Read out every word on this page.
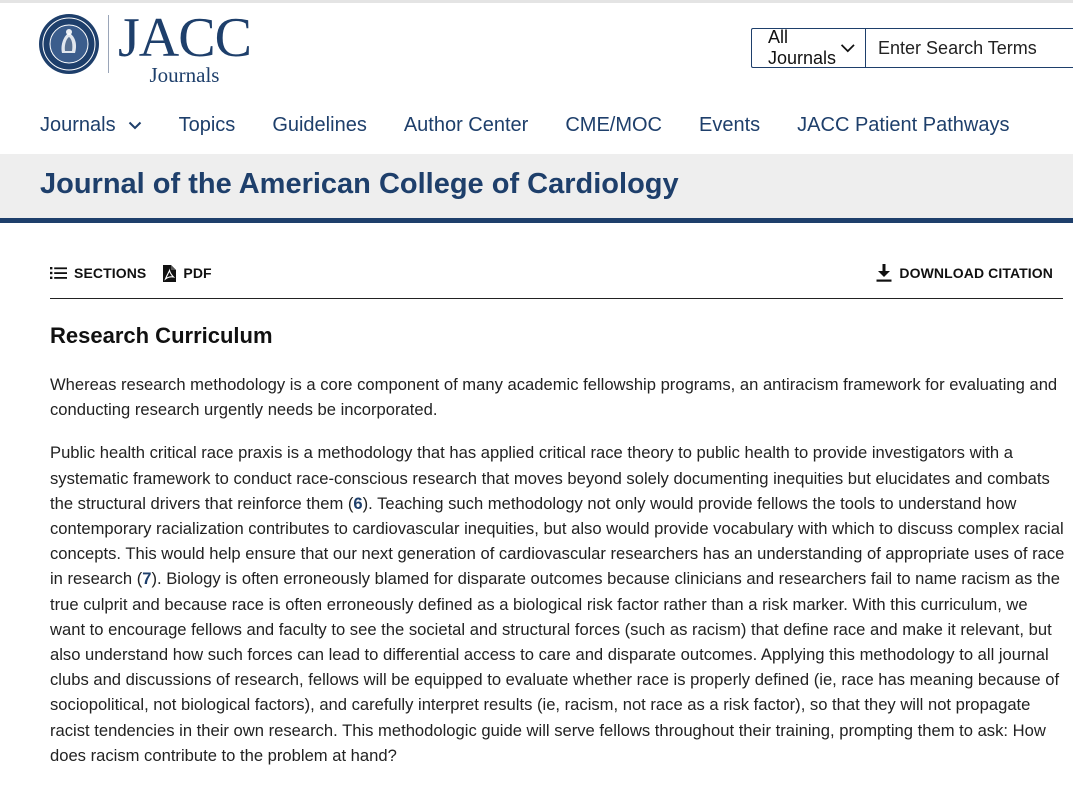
JACC
Journals
All Journals
Enter Search Terms
Journals	Topics Guidelines Author Center CME/MOC Events JACC Patient Pathways
Journal of the American College of Cardiology
SECTIONS	PDF	DOWNLOAD CITATION
Research Curriculum

Whereas research methodology is a core component of many academic fellowship programs, an antiracism framework for evaluating and conducting research urgently needs be incorporated.

Public health critical race praxis is a methodology that has applied critical race theory to public health to provide investigators with a systematic framework to conduct race-conscious research that moves beyond solely documenting inequities but elucidates and combats the structural drivers that reinforce them (6). Teaching such methodology not only would provide fellows the tools to understand how contemporary racialization contributes to cardiovascular inequities, but also would provide vocabulary with which to discuss complex racial concepts. This would help ensure that our next generation of cardiovascular researchers has an understanding of appropriate uses of race in research (7). Biology is often erroneously blamed for disparate outcomes because clinicians and researchers fail to name racism as the true culprit and because race is often erroneously defined as a biological risk factor rather than a risk marker. With this curriculum, we want to encourage fellows and faculty to see the societal and structural forces (such as racism) that define race and make it relevant, but also understand how such forces can lead to differential access to care and disparate outcomes. Applying this methodology to all journal clubs and discussions of research, fellows will be equipped to evaluate whether race is properly defined (ie, race has meaning because of sociopolitical, not biological factors), and carefully interpret results (ie, racism, not race as a risk factor), so that they will not propagate racist tendencies in their own research. This methodologic guide will serve fellows throughout their training, prompting them to ask: How does racism contribute to the problem at hand?
